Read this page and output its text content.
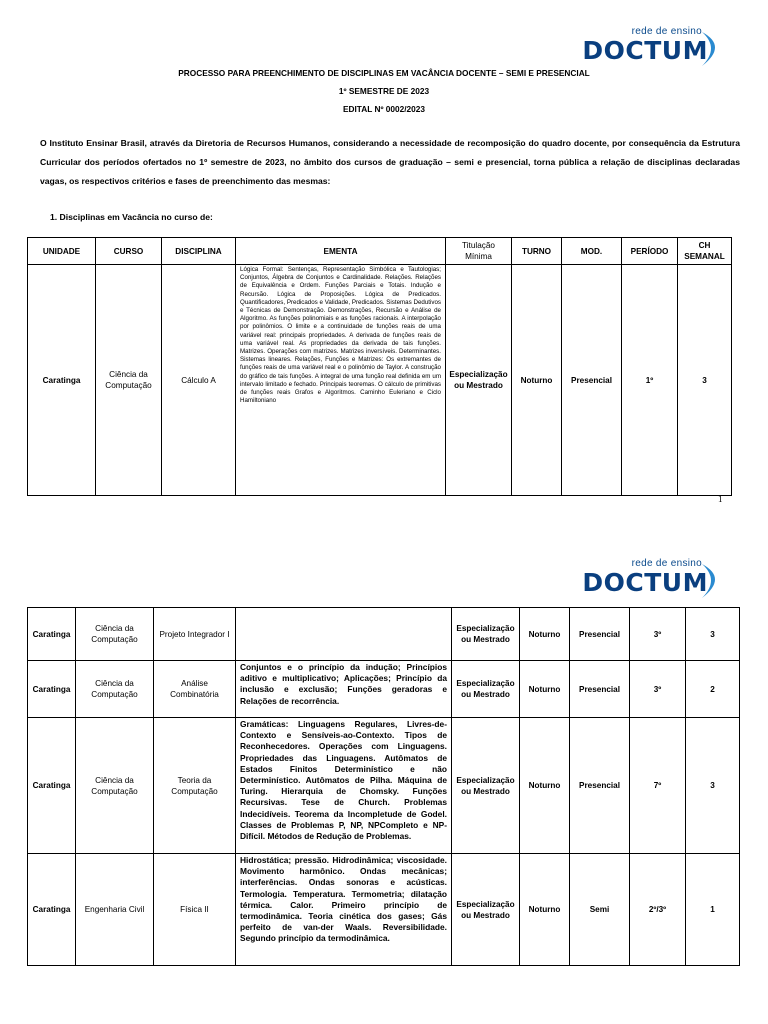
rede de ensino
DOCTUM
PROCESSO PARA PREENCHIMENTO DE DISCIPLINAS EM VACÂNCIA DOCENTE – SEMI E PRESENCIAL
1º SEMESTRE DE 2023
EDITAL Nº 0002/2023
O Instituto Ensinar Brasil, através da Diretoria de Recursos Humanos, considerando a necessidade de recomposição do quadro docente, por consequência da Estrutura Curricular dos períodos ofertados no 1º semestre de 2023, no âmbito dos cursos de graduação – semi e presencial, torna pública a relação de disciplinas declaradas vagas, os respectivos critérios e fases de preenchimento das mesmas:
1. Disciplinas em Vacância no curso de:
UNIDADE	CURSO	DISCIPLINA	EMENTA	Titulação Mínima	TURNO	MOD.	PERÍODO	CH SEMANAL
Caratinga	Ciência da Computação	Cálculo A	Lógica Formal: Sentenças, Representação Simbólica e Tautologias; Conjuntos, Álgebra de Conjuntos e Cardinalidade. Relações. Relações de Equivalência e Ordem. Funções Parciais e Totais. Indução e Recursão. Lógica de Proposições. Lógica de Predicados. Quantificadores, Predicados e Validade, Predicados. Sistemas Dedutivos e Técnicas de Demonstração. Demonstrações, Recursão e Análise de Algoritmo. As funções polinomiais e as funções racionais. A interpolação por polinômios. O limite e a continuidade de funções reais de uma variável real: principais propriedades. A derivada de funções reais de uma variável real. As propriedades da derivada de tais funções. Matrizes. Operações com matrizes. Matrizes inversíveis. Determinantes. Sistemas lineares. Relações, Funções e Matrizes: Os extremantes de funções reais de uma variável real e o polinômio de Taylor. A construção do gráfico de tais funções. A integral de uma função real definida em um intervalo limitado e fechado. Principais teoremas. O cálculo de primitivas de funções reais Grafos e Algoritmos. Caminho Euleriano e Ciclo Hamiltoniano	Especialização ou Mestrado	Noturno	Presencial	1º	3
1
rede de ensino
DOCTUM
Caratinga	Ciência da Computação	Projeto Integrador I		Especialização ou Mestrado	Noturno	Presencial	3º	3
Caratinga	Ciência da Computação	Análise Combinatória	Conjuntos e o princípio da indução; Princípios aditivo e multiplicativo; Aplicações; Princípio da inclusão e exclusão; Funções geradoras e Relações de recorrência.	Especialização ou Mestrado	Noturno	Presencial	3º	2
Caratinga	Ciência da Computação	Teoria da Computação	Gramáticas: Linguagens Regulares, Livres-de-Contexto e Sensíveis-ao-Contexto. Tipos de Reconhecedores. Operações com Linguagens. Propriedades das Linguagens. Autômatos de Estados Finitos Determinístico e não Determinístico. Autômatos de Pilha. Máquina de Turing. Hierarquia de Chomsky. Funções Recursivas. Tese de Church. Problemas Indecidíveis. Teorema da Incompletude de Godel. Classes de Problemas P, NP, NPCompleto e NP-Difícil. Métodos de Redução de Problemas.	Especialização ou Mestrado	Noturno	Presencial	7º	3
Caratinga	Engenharia Civil	Física II	Hidrostática; pressão. Hidrodinâmica; viscosidade. Movimento harmônico. Ondas mecânicas; interferências. Ondas sonoras e acústicas. Termologia. Temperatura. Termometria; dilatação térmica. Calor. Primeiro princípio de termodinâmica. Teoria cinética dos gases; Gás perfeito de van-der Waals. Reversibilidade. Segundo princípio da termodinâmica.	Especialização ou Mestrado	Noturno	Semi	2º/3º	1
